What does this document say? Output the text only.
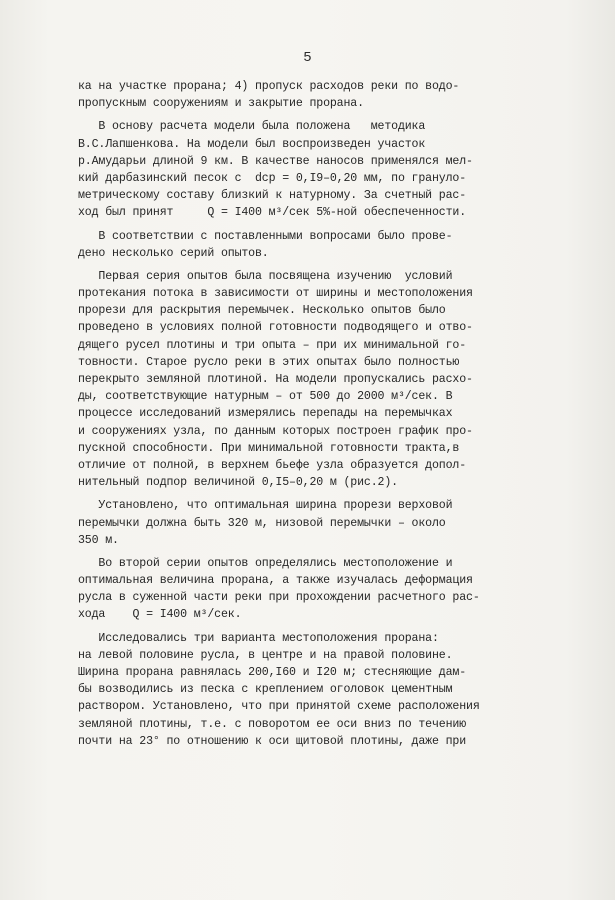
5
ка на участке прорана; 4) пропуск расходов реки по водо-
пропускным сооружениям и закрытие прорана.
В основу расчета модели была положена   методика
В.С.Лапшенкова. На модели был воспроизведен участок
р.Амударьи длиной 9 км. В качестве наносов применялся мел-
кий дарбазинский песок с  dср = 0,I9–0,20 мм, по грануло-
метрическому составу близкий к натурному. За счетный рас-
ход был принят     Q = I400 м³/сек 5%-ной обеспеченности.
В соответствии с поставленными вопросами было прове-
дено несколько серий опытов.
Первая серия опытов была посвящена изучению  условий
протекания потока в зависимости от ширины и местоположения
прорези для раскрытия перемычек. Несколько опытов было
проведено в условиях полной готовности подводящего и отво-
дящего русел плотины и три опыта – при их минимальной го-
товности. Старое русло реки в этих опытах было полностью
перекрыто земляной плотиной. На модели пропускались расхо-
ды, соответствующие натурным – от 500 до 2000 м³/сек. В
процессе исследований измерялись перепады на перемычках
и сооружениях узла, по данным которых построен график про-
пускной способности. При минимальной готовности тракта,в
отличие от полной, в верхнем бьефе узла образуется допол-
нительный подпор величиной 0,I5–0,20 м (рис.2).
Установлено, что оптимальная ширина прорези верховой
перемычки должна быть 320 м, низовой перемычки – около
350 м.
Во второй серии опытов определялись местоположение и
оптимальная величина прорана, а также изучалась деформация
русла в суженной части реки при прохождении расчетного рас-
хода    Q = I400 м³/сек.
Исследовались три варианта местоположения прорана:
на левой половине русла, в центре и на правой половине.
Ширина прорана равнялась 200,I60 и I20 м; стесняющие дам-
бы возводились из песка с креплением оголовок цементным
раствором. Установлено, что при принятой схеме расположения
земляной плотины, т.е. с поворотом ее оси вниз по течению
почти на 23° по отношению к оси щитовой плотины, даже при
